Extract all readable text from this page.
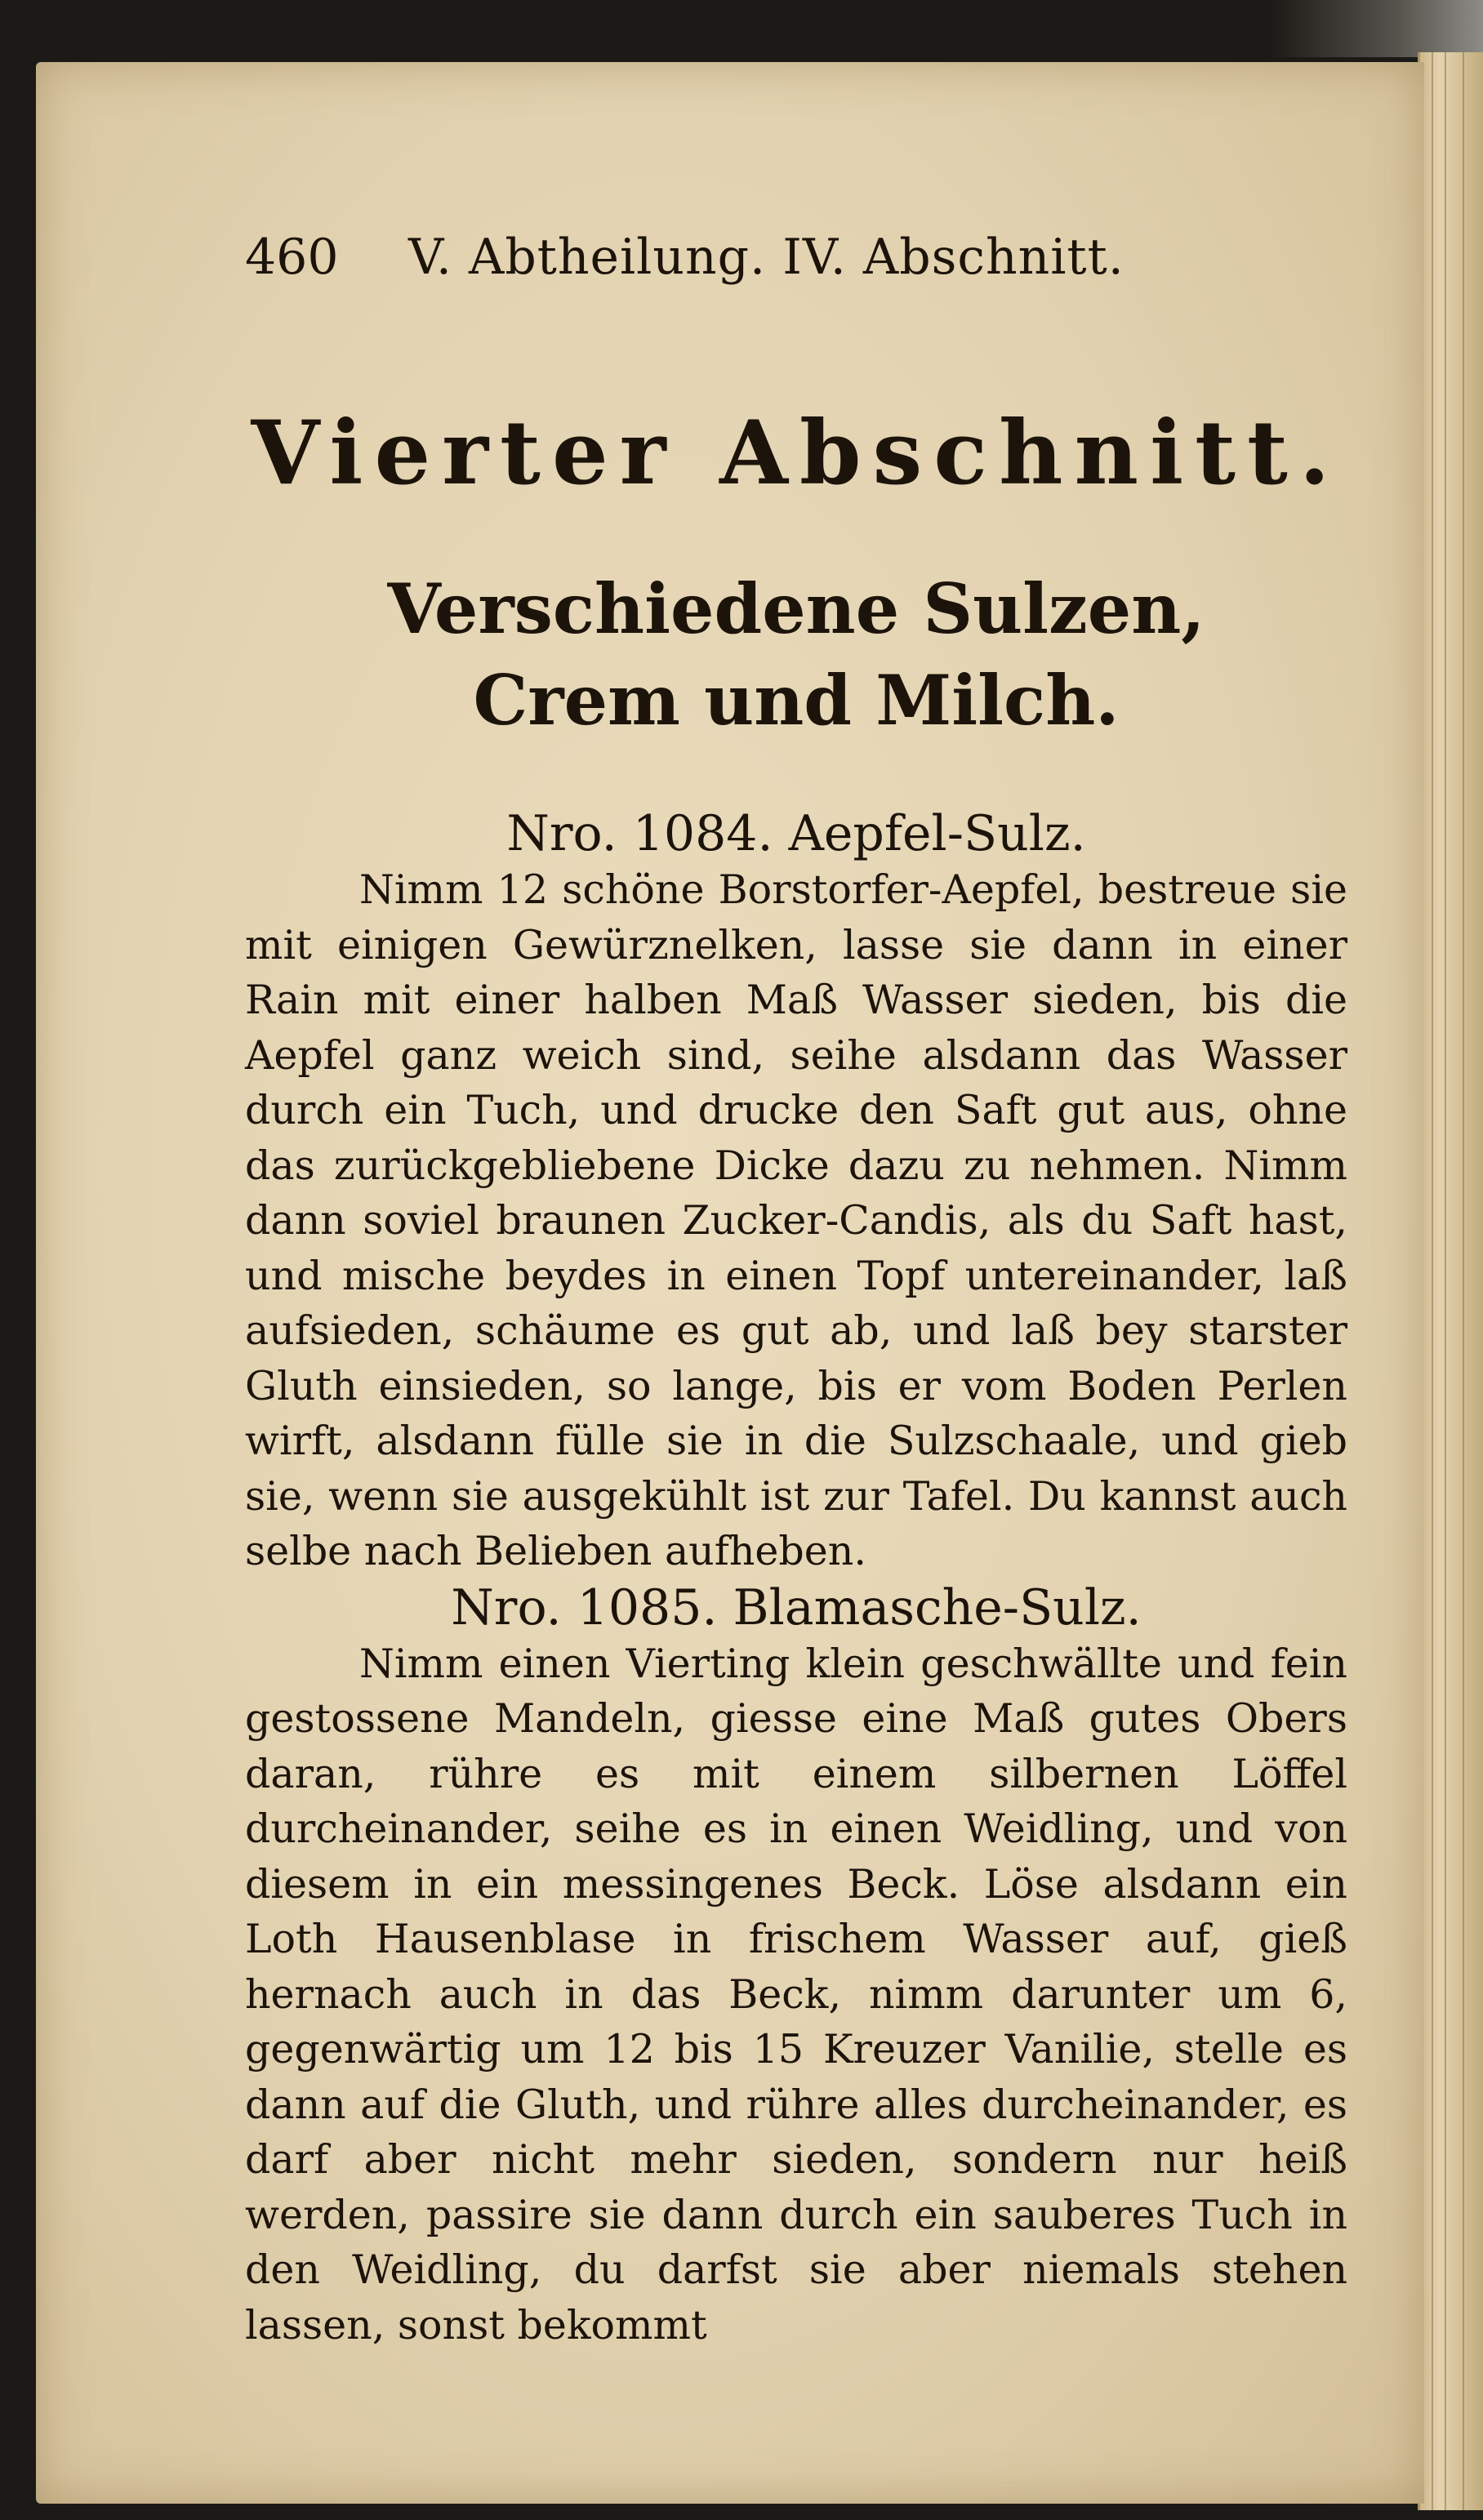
460	V. Abtheilung. IV. Abschnitt.
Vierter Abschnitt.
Verschiedene Sulzen, Crem und Milch.
Nro. 1084. Aepfel-Sulz.

Nimm 12 schöne Borstorfer-Aepfel, bestreue sie mit einigen Gewürznelken, lasse sie dann in einer Rain mit einer halben Maß Wasser sieden, bis die Aepfel ganz weich sind, seihe alsdann das Wasser durch ein Tuch, und drucke den Saft gut aus, ohne das zurückgebliebene Dicke dazu zu nehmen. Nimm dann soviel braunen Zucker-Candis, als du Saft hast, und mische beydes in einen Topf untereinander, laß aufsieden, schäume es gut ab, und laß bey starster Gluth einsieden, so lange, bis er vom Boden Perlen wirft, alsdann fülle sie in die Sulzschaale, und gieb sie, wenn sie ausgekühlt ist zur Tafel. Du kannst auch selbe nach Belieben aufheben.

Nro. 1085. Blamasche-Sulz.

Nimm einen Vierting klein geschwällte und fein gestossene Mandeln, giesse eine Maß gutes Obers daran, rühre es mit einem silbernen Löffel durcheinander, seihe es in einen Weidling, und von diesem in ein messingenes Beck. Löse alsdann ein Loth Hausenblase in frischem Wasser auf, gieß hernach auch in das Beck, nimm darunter um 6, gegenwärtig um 12 bis 15 Kreuzer Vanilie, stelle es dann auf die Gluth, und rühre alles durcheinander, es darf aber nicht mehr sieden, sondern nur heiß werden, passire sie dann durch ein sauberes Tuch in den Weidling, du darfst sie aber niemals stehen lassen, sonst bekommt
